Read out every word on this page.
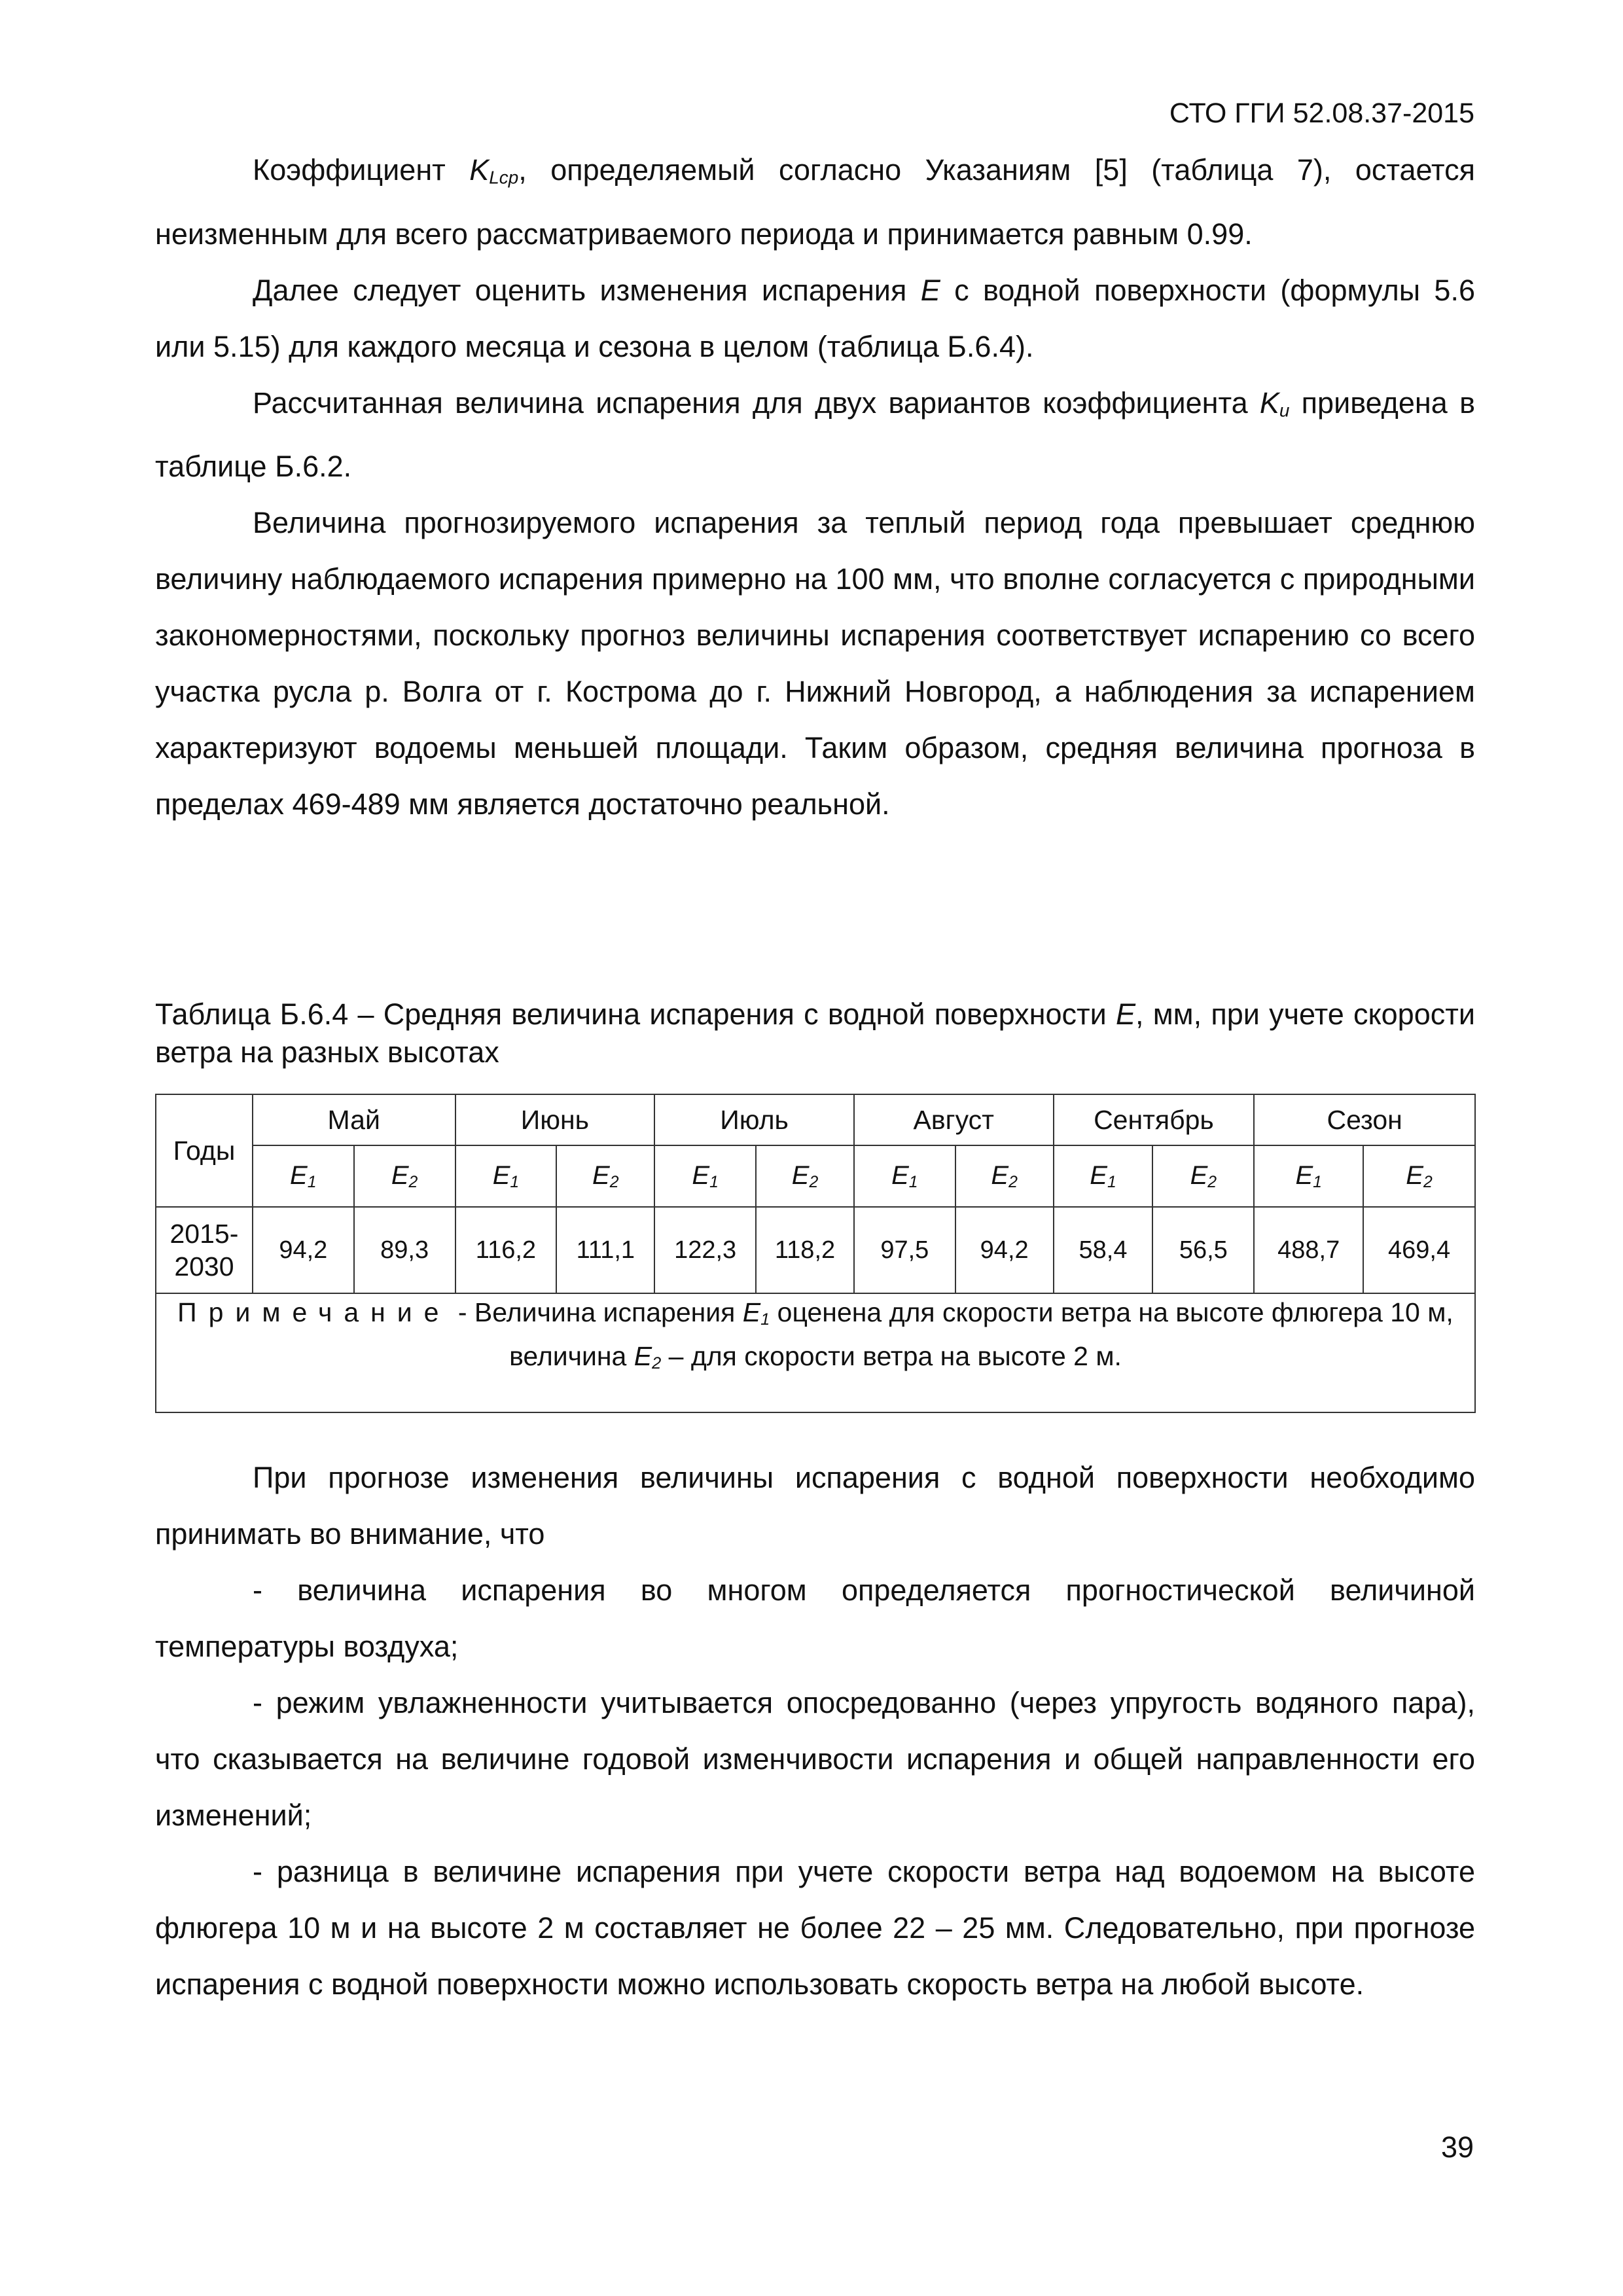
СТО ГГИ 52.08.37-2015

Коэффициент $K_{Lср}$, определяемый согласно Указаниям [5] (таблица 7), остается неизменным для всего рассматриваемого периода и принимается равным 0.99.

Далее следует оценить изменения испарения E с водной поверхности (формулы 5.6 или 5.15) для каждого месяца и сезона в целом (таблица Б.6.4).

Рассчитанная величина испарения для двух вариантов коэффициента $K_u$ приведена в таблице Б.6.2.

Величина прогнозируемого испарения за теплый период года превышает среднюю величину наблюдаемого испарения примерно на 100 мм, что вполне согласуется с природными закономерностями, поскольку прогноз величины испарения соответствует испарению со всего участка русла р. Волга от г. Кострома до г. Нижний Новгород, а наблюдения за испарением характеризуют водоемы меньшей площади. Таким образом, средняя величина прогноза в пределах 469-489 мм является достаточно реальной.

Таблица Б.6.4 – Средняя величина испарения с водной поверхности E, мм, при учете скорости ветра на разных высотах
Годы	Май		Июнь		Июль		Август		Сентябрь		Сезон	
	$E_1$	$E_2$	$E_1$	$E_2$	$E_1$	$E_2$	$E_1$	$E_2$	$E_1$	$E_2$	$E_1$	$E_2$
2015-2030	94,2	89,3	116,2	111,1	122,3	118,2	97,5	94,2	58,4	56,5	488,7	469,4
Примечание - Величина испарения $E_1$ оценена для скорости ветра на высоте флюгера 10 м, величина $E_2$ – для скорости ветра на высоте 2 м.												

При прогнозе изменения величины испарения с водной поверхности необходимо принимать во внимание, что

- величина испарения во многом определяется прогностической величиной температуры воздуха;

- режим увлажненности учитывается опосредованно (через упругость водяного пара), что сказывается на величине годовой изменчивости испарения и общей направленности его изменений;

- разница в величине испарения при учете скорости ветра над водоемом на высоте флюгера 10 м и на высоте 2 м составляет не более 22 – 25 мм. Следовательно, при прогнозе испарения с водной поверхности можно использовать скорость ветра на любой высоте.

39
